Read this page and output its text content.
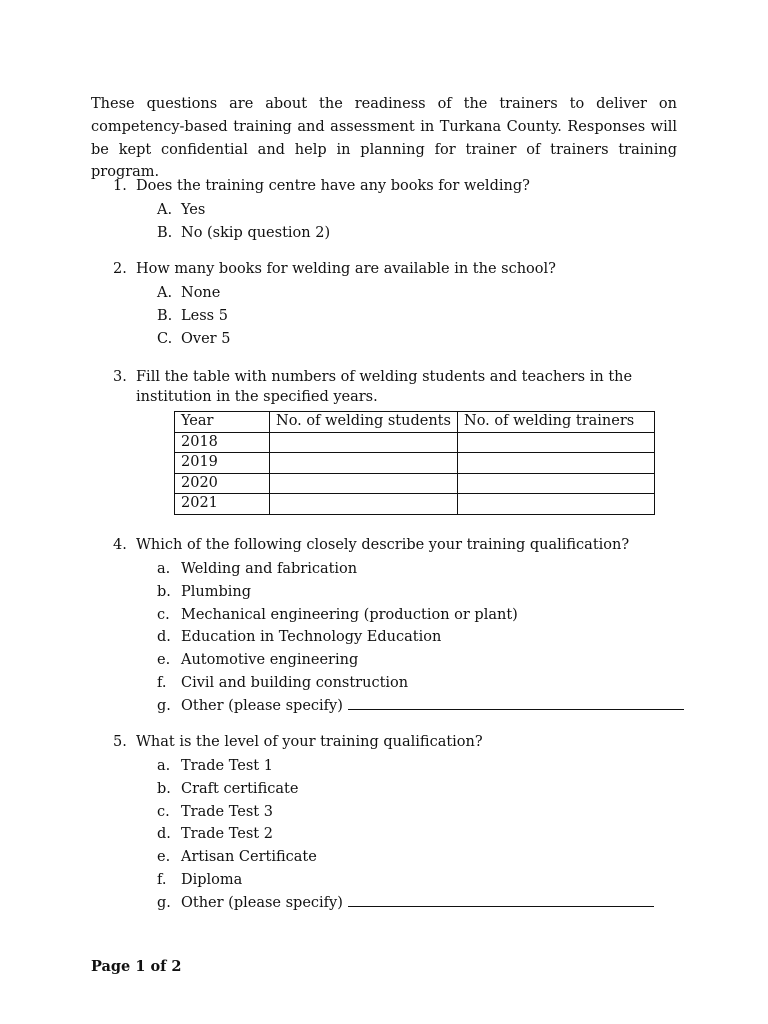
These questions are about the readiness of the trainers to deliver on competency-based training and assessment in Turkana County. Responses will be kept confidential and help in planning for trainer of trainers training program.

1. Does the training centre have any books for welding?
A. Yes
B. No (skip question 2)
2. How many books for welding are available in the school?
A. None
B. Less 5
C. Over 5
3. Fill the table with numbers of welding students and teachers in the institution in the specified years.
Year	No. of welding students	No. of welding trainers
2018		
2019		
2020		
2021		
4. Which of the following closely describe your training qualification?
a. Welding and fabrication
b. Plumbing
c. Mechanical engineering (production or plant)
d. Education in Technology Education
e. Automotive engineering
f. Civil and building construction
g. Other (please specify)
5. What is the level of your training qualification?
a. Trade Test 1
b. Craft certificate
c. Trade Test 3
d. Trade Test 2
e. Artisan Certificate
f. Diploma
g. Other (please specify)

Page 1 of 2
